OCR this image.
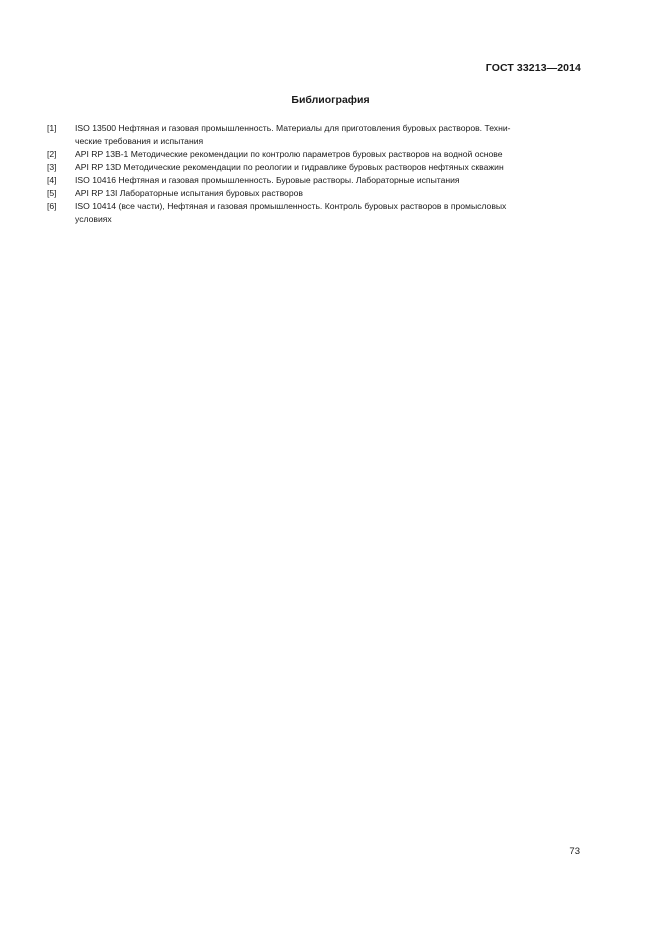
ГОСТ 33213—2014
Библиография
[1]	ISO 13500 Нефтяная и газовая промышленность. Материалы для приготовления буровых растворов. Техни-
ческие требования и испытания
[2]	API RP 13B-1 Методические рекомендации по контролю параметров буровых растворов на водной основе
[3]	API RP 13D Методические рекомендации по реологии и гидравлике буровых растворов нефтяных скважин
[4]	ISO 10416 Нефтяная и газовая промышленность. Буровые растворы. Лабораторные испытания
[5]	API RP 13I Лабораторные испытания буровых растворов
[6]	ISO 10414 (все части), Нефтяная и газовая промышленность. Контроль буровых растворов в промысловых
условиях
73
